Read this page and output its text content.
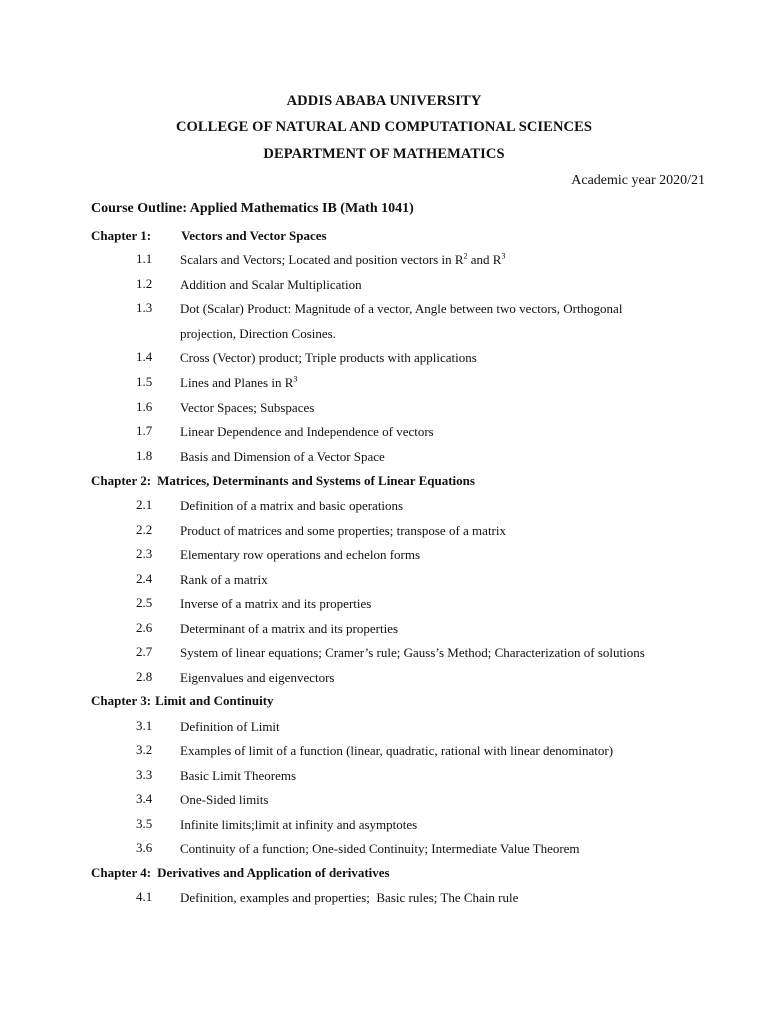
ADDIS ABABA UNIVERSITY
COLLEGE OF NATURAL AND COMPUTATIONAL SCIENCES
DEPARTMENT OF MATHEMATICS
Academic year 2020/21
Course Outline: Applied Mathematics IB (Math 1041)
Chapter 1: Vectors and Vector Spaces
1.1 Scalars and Vectors; Located and position vectors in $R^2$ and $R^3$
1.2 Addition and Scalar Multiplication
1.3 Dot (Scalar) Product: Magnitude of a vector, Angle between two vectors, Orthogonal
projection, Direction Cosines.
1.4 Cross (Vector) product; Triple products with applications
1.5 Lines and Planes in $R^3$
1.6 Vector Spaces; Subspaces
1.7 Linear Dependence and Independence of vectors
1.8 Basis and Dimension of a Vector Space
Chapter 2: Matrices, Determinants and Systems of Linear Equations
2.1 Definition of a matrix and basic operations
2.2 Product of matrices and some properties; transpose of a matrix
2.3 Elementary row operations and echelon forms
2.4 Rank of a matrix
2.5 Inverse of a matrix and its properties
2.6 Determinant of a matrix and its properties
2.7 System of linear equations; Cramer’s rule; Gauss’s Method; Characterization of solutions
2.8 Eigenvalues and eigenvectors
Chapter 3: Limit and Continuity
3.1 Definition of Limit
3.2 Examples of limit of a function (linear, quadratic, rational with linear denominator)
3.3 Basic Limit Theorems
3.4 One-Sided limits
3.5 Infinite limits;limit at infinity and asymptotes
3.6 Continuity of a function; One-sided Continuity; Intermediate Value Theorem
Chapter 4: Derivatives and Application of derivatives
4.1 Definition, examples and properties;  Basic rules; The Chain rule
